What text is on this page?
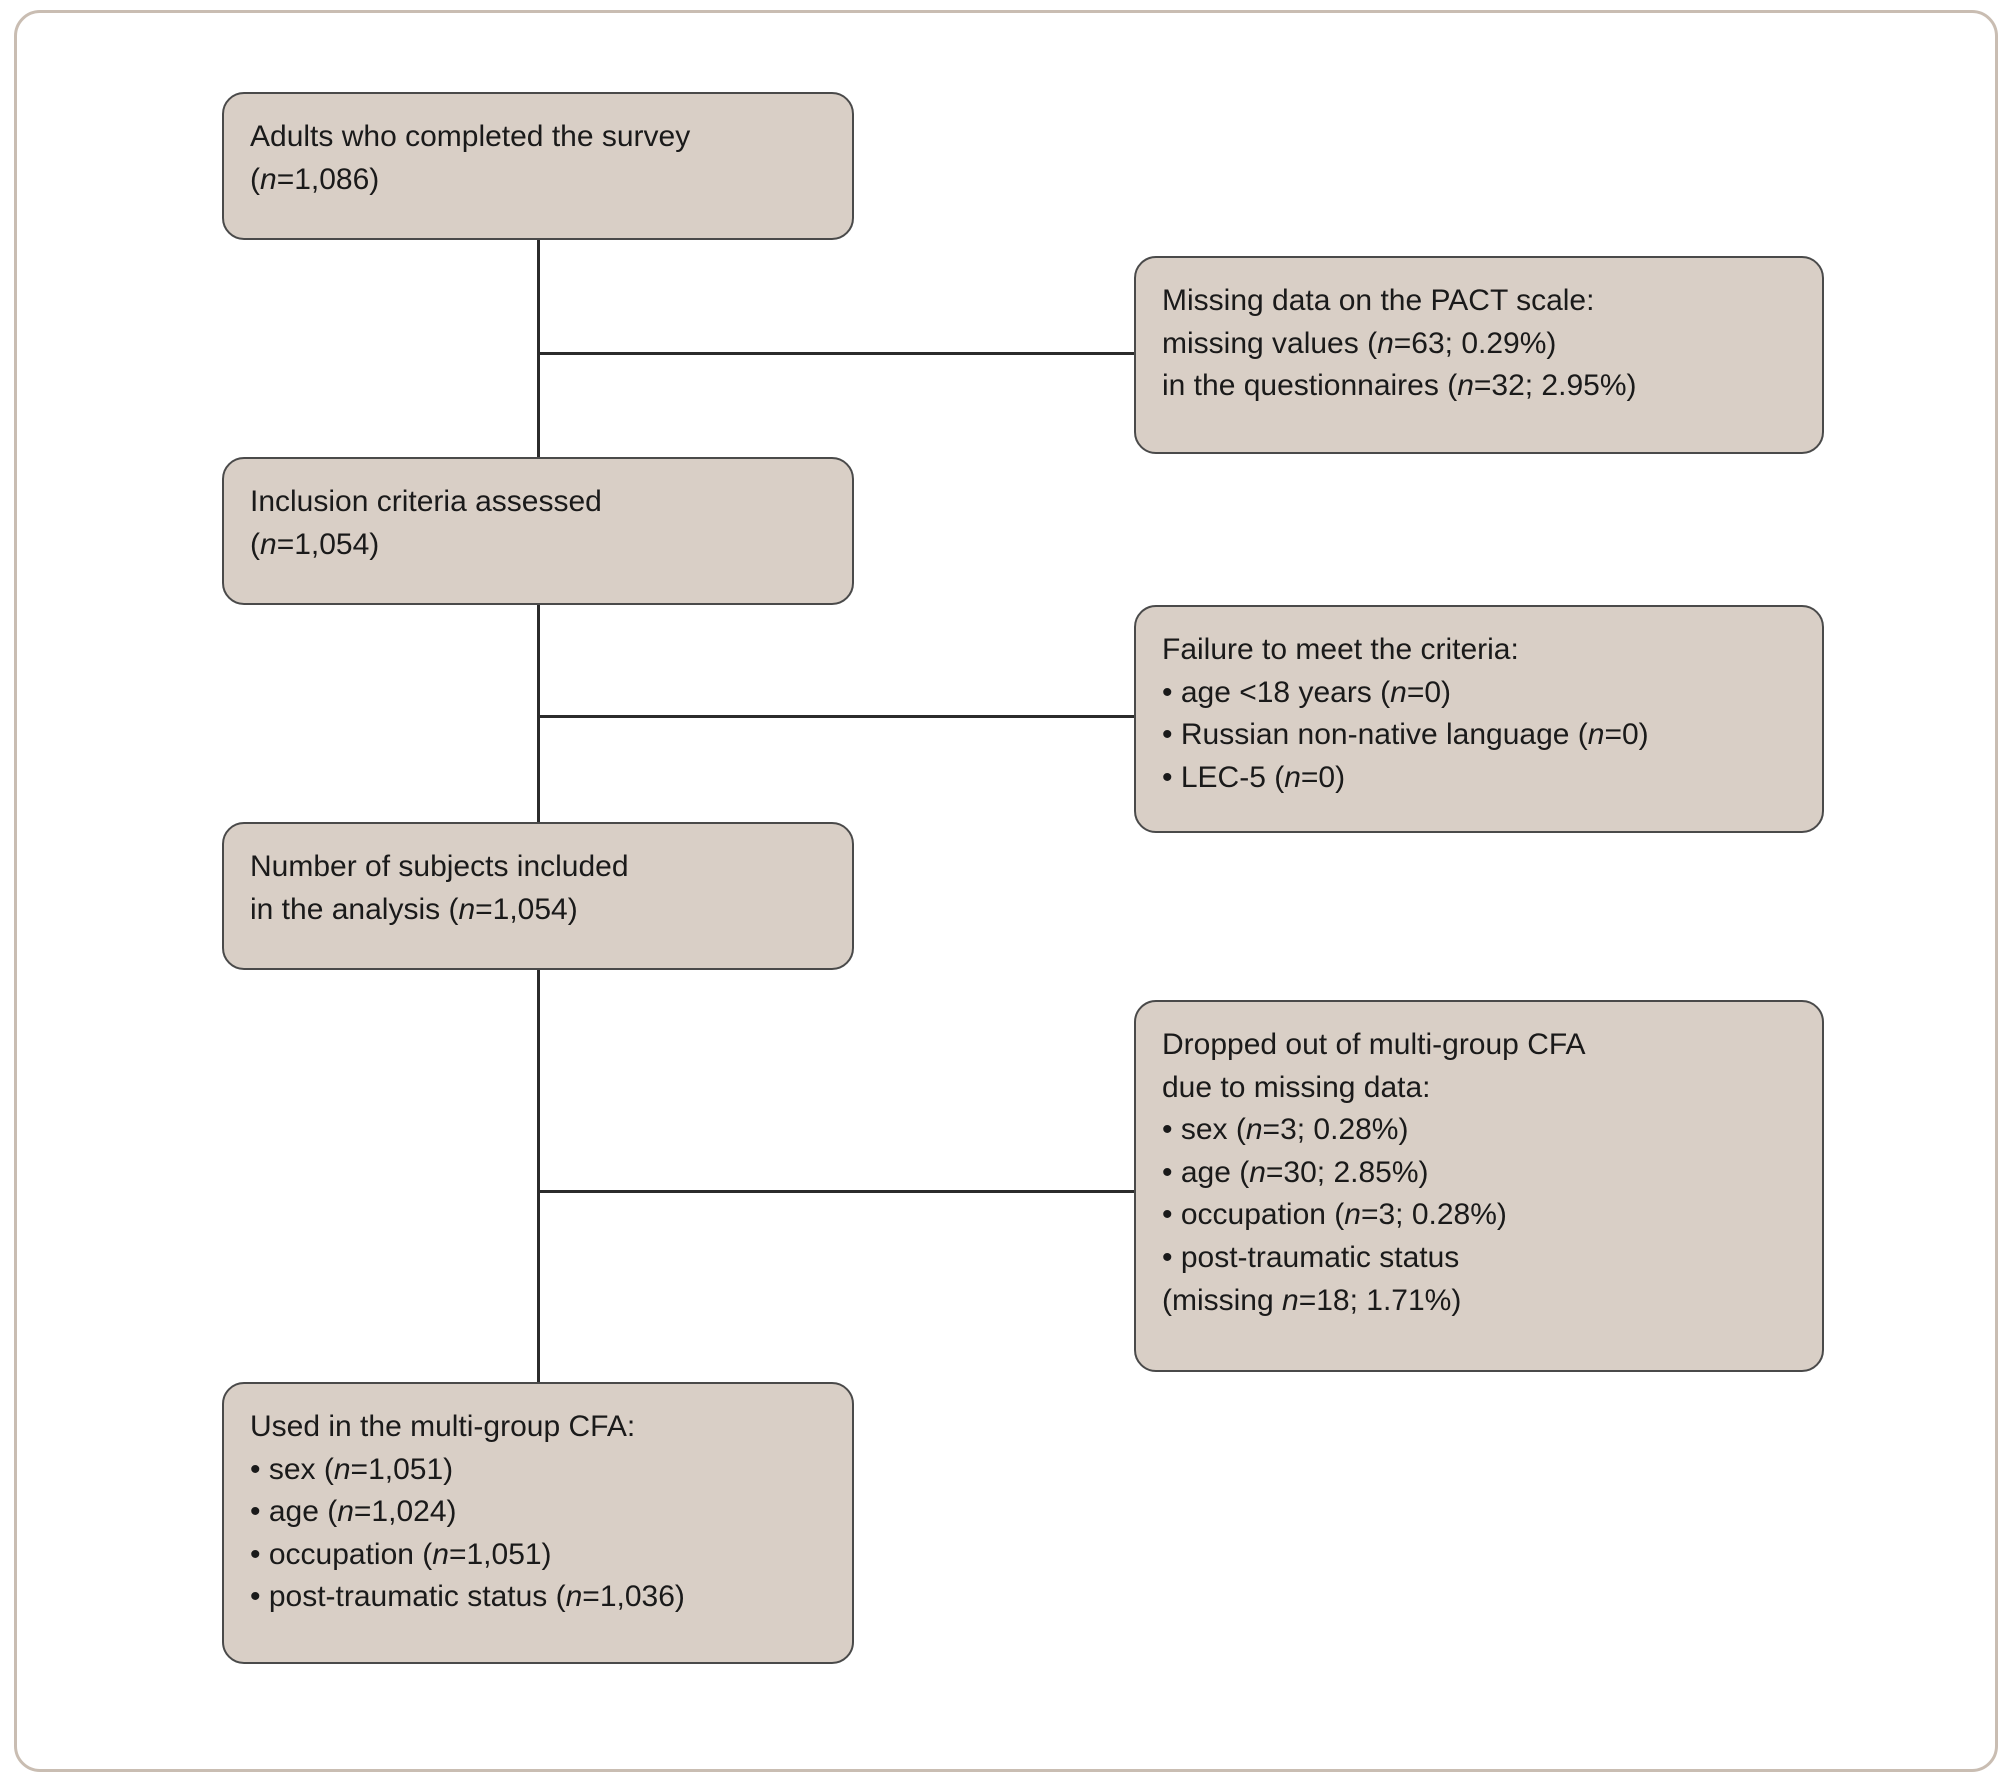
Adults who completed the survey
(n=1,086)
Inclusion criteria assessed
(n=1,054)
Number of subjects included
in the analysis (n=1,054)
Used in the multi-group CFA:
• sex (n=1,051)
• age (n=1,024)
• occupation (n=1,051)
• post-traumatic status (n=1,036)
Missing data on the PACT scale:
missing values (n=63; 0.29%)
in the questionnaires (n=32; 2.95%)
Failure to meet the criteria:
• age <18 years (n=0)
• Russian non-native language (n=0)
• LEC-5 (n=0)
Dropped out of multi-group CFA
due to missing data:
• sex (n=3; 0.28%)
• age (n=30; 2.85%)
• occupation (n=3; 0.28%)
• post-traumatic status
(missing n=18; 1.71%)
